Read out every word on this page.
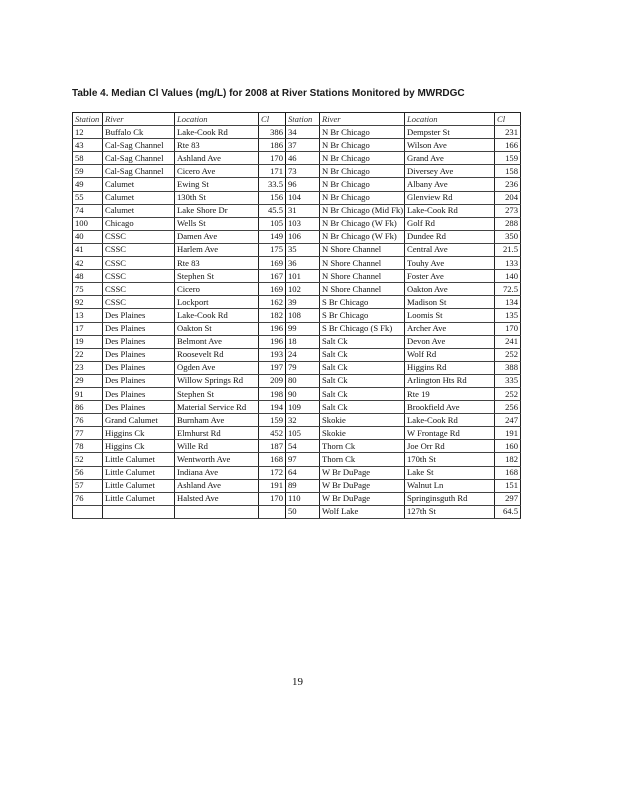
Table 4. Median Cl Values (mg/L) for 2008 at River Stations Monitored by MWRDGC
Station	River	Location	Cl	Station	River	Location	Cl
12	Buffalo Ck	Lake-Cook Rd	386	34	N Br Chicago	Dempster St	231
43	Cal-Sag Channel	Rte 83	186	37	N Br Chicago	Wilson Ave	166
58	Cal-Sag Channel	Ashland Ave	170	46	N Br Chicago	Grand Ave	159
59	Cal-Sag Channel	Cicero Ave	171	73	N Br Chicago	Diversey Ave	158
49	Calumet	Ewing St	33.5	96	N Br Chicago	Albany Ave	236
55	Calumet	130th St	156	104	N Br Chicago	Glenview Rd	204
74	Calumet	Lake Shore Dr	45.5	31	N Br Chicago (Mid Fk)	Lake-Cook Rd	273
100	Chicago	Wells St	105	103	N Br Chicago (W Fk)	Golf Rd	288
40	CSSC	Damen Ave	149	106	N Br Chicago (W Fk)	Dundee Rd	350
41	CSSC	Harlem Ave	175	35	N Shore Channel	Central Ave	21.5
42	CSSC	Rte 83	169	36	N Shore Channel	Touhy Ave	133
48	CSSC	Stephen St	167	101	N Shore Channel	Foster Ave	140
75	CSSC	Cicero	169	102	N Shore Channel	Oakton Ave	72.5
92	CSSC	Lockport	162	39	S Br Chicago	Madison St	134
13	Des Plaines	Lake-Cook Rd	182	108	S Br Chicago	Loomis St	135
17	Des Plaines	Oakton St	196	99	S Br Chicago (S Fk)	Archer Ave	170
19	Des Plaines	Belmont Ave	196	18	Salt Ck	Devon Ave	241
22	Des Plaines	Roosevelt Rd	193	24	Salt Ck	Wolf Rd	252
23	Des Plaines	Ogden Ave	197	79	Salt Ck	Higgins Rd	388
29	Des Plaines	Willow Springs Rd	209	80	Salt Ck	Arlington Hts Rd	335
91	Des Plaines	Stephen St	198	90	Salt Ck	Rte 19	252
86	Des Plaines	Material Service Rd	194	109	Salt Ck	Brookfield Ave	256
76	Grand Calumet	Burnham Ave	159	32	Skokie	Lake-Cook Rd	247
77	Higgins Ck	Elmhurst Rd	452	105	Skokie	W Frontage Rd	191
78	Higgins Ck	Wille Rd	187	54	Thorn Ck	Joe Orr Rd	160
52	Little Calumet	Wentworth Ave	168	97	Thorn Ck	170th St	182
56	Little Calumet	Indiana Ave	172	64	W Br DuPage	Lake St	168
57	Little Calumet	Ashland Ave	191	89	W Br DuPage	Walnut Ln	151
76	Little Calumet	Halsted Ave	170	110	W Br DuPage	Springinsguth Rd	297
				50	Wolf Lake	127th St	64.5
19
